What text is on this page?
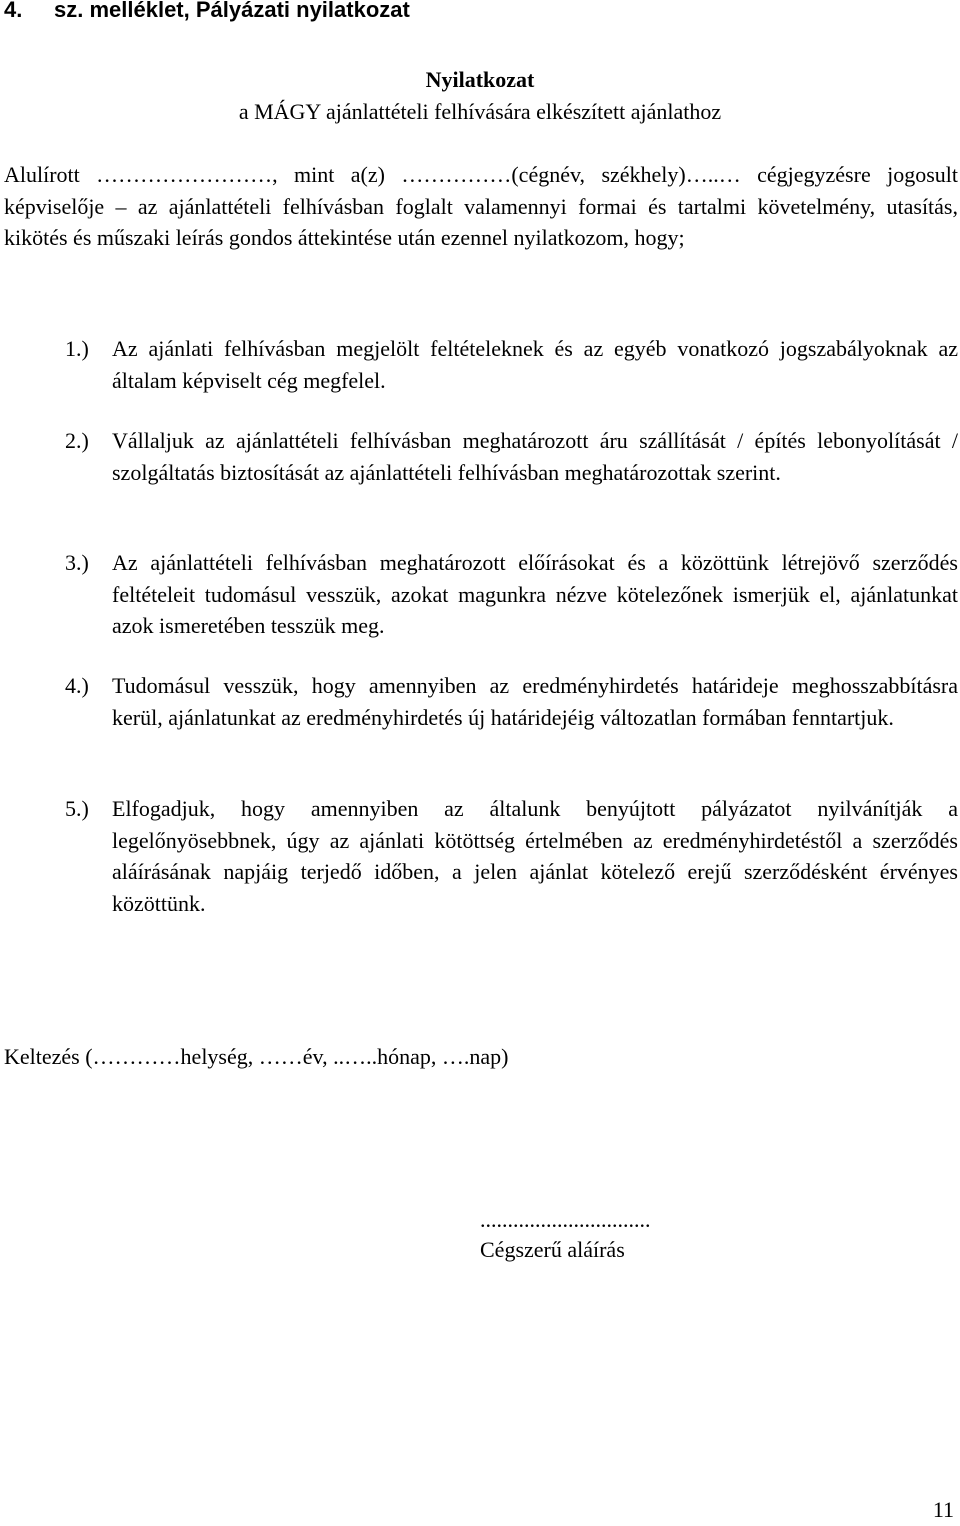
4. sz. melléklet, Pályázati nyilatkozat
Nyilatkozat
a MÁGY ajánlattételi felhívására elkészített ajánlathoz

Alulírott ……………………, mint a(z) ……………(cégnév, székhely)…..… cégjegyzésre jogosult képviselője – az ajánlattételi felhívásban foglalt valamennyi formai és tartalmi követelmény, utasítás, kikötés és műszaki leírás gondos áttekintése után ezennel nyilatkozom, hogy;

1.) Az ajánlati felhívásban megjelölt feltételeknek és az egyéb vonatkozó jogszabályoknak az általam képviselt cég megfelel.
2.) Vállaljuk az ajánlattételi felhívásban meghatározott áru szállítását / építés lebonyolítását / szolgáltatás biztosítását az ajánlattételi felhívásban meghatározottak szerint.
3.) Az ajánlattételi felhívásban meghatározott előírásokat és a közöttünk létrejövő szerződés feltételeit tudomásul vesszük, azokat magunkra nézve kötelezőnek ismerjük el, ajánlatunkat azok ismeretében tesszük meg.
4.) Tudomásul vesszük, hogy amennyiben az eredményhirdetés határideje meghosszabbításra kerül, ajánlatunkat az eredményhirdetés új határidejéig változatlan formában fenntartjuk.
5.) Elfogadjuk, hogy amennyiben az általunk benyújtott pályázatot nyilvánítják a legelőnyösebbnek, úgy az ajánlati kötöttség értelmében az eredményhirdetéstől a szerződés aláírásának napjáig terjedő időben, a jelen ajánlat kötelező erejű szerződésként érvényes közöttünk.
Keltezés (…………helység, ……év, ..…..hónap, ….nap)
...............................
Cégszerű aláírás
11
